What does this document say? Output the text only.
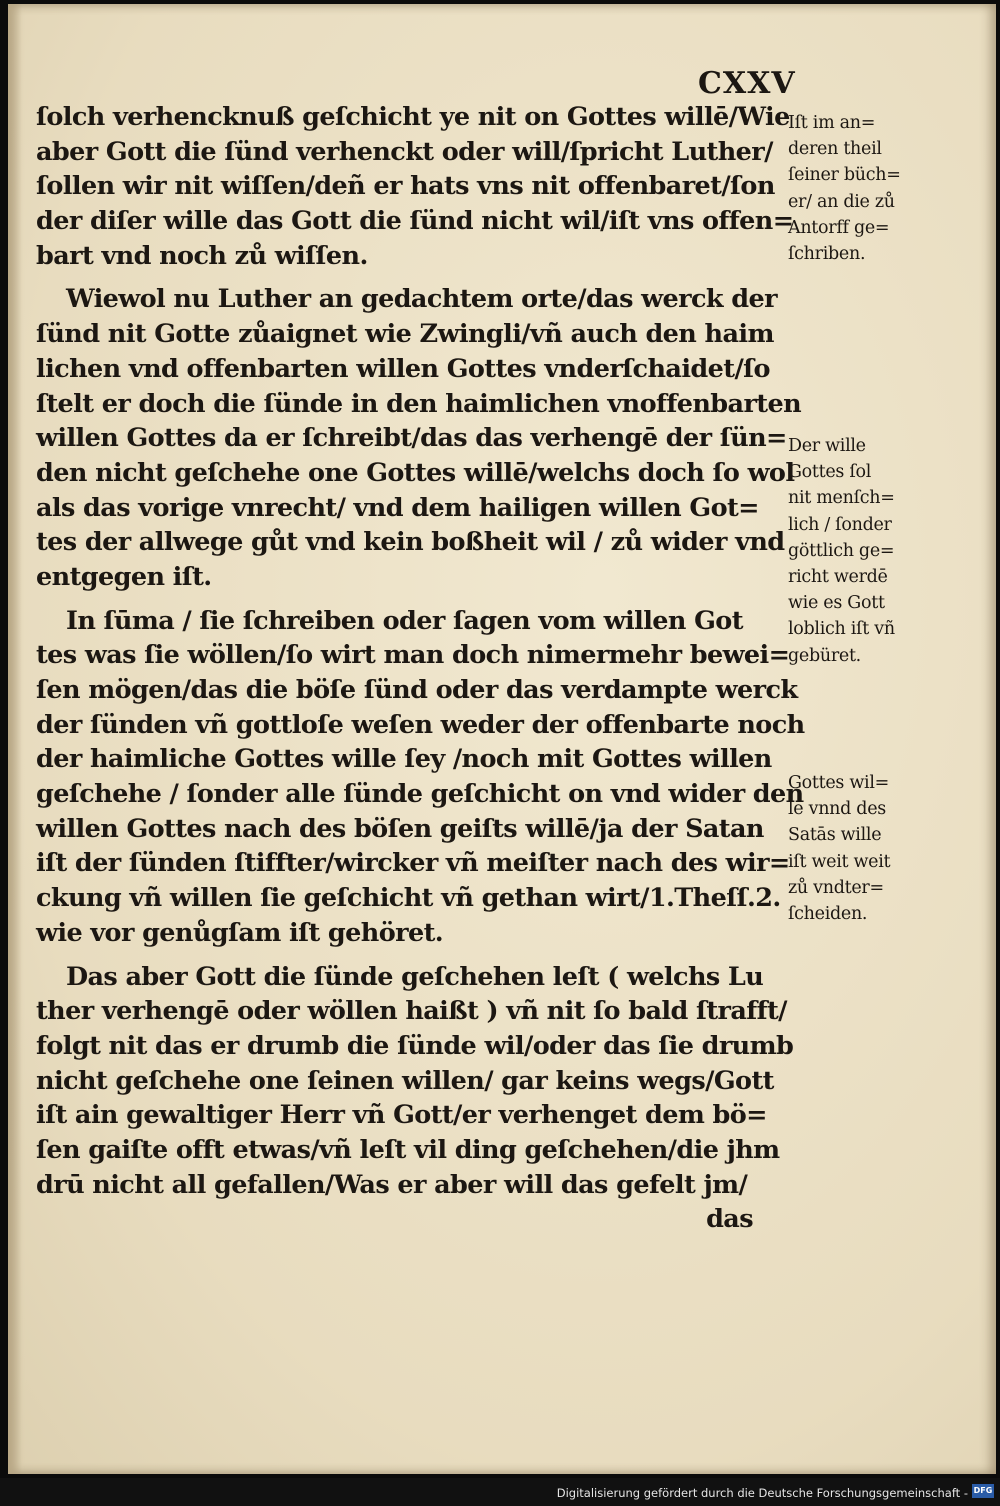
CXXV
ſolch verhencknuß geſchicht ye nit on Gottes willē/Wie
aber Gott die ſünd verhenckt oder will/ſpricht Luther/
ſollen wir nit wiſſen/deñ er hats vns nit offenbaret/ſon
der diſer wille das Gott die ſünd nicht wil/iſt vns offen=
bart vnd noch zů wiſſen.
Wiewol nu Luther an gedachtem orte/das werck der
ſünd nit Gotte zůaignet wie Zwingli/vñ auch den haim
lichen vnd offenbarten willen Gottes vnderſchaidet/ſo
ſtelt er doch die ſünde in den haimlichen vnoffenbarten
willen Gottes da er ſchreibt/das das verhengē der ſün=
den nicht geſchehe one Gottes willē/welchs doch ſo wol
als das vorige vnrecht/ vnd dem hailigen willen Got=
tes der allwege gůt vnd kein boßheit wil / zů wider vnd
entgegen iſt.
In ſūma / ſie ſchreiben oder ſagen vom willen Got
tes was ſie wöllen/ſo wirt man doch nimermehr bewei=
ſen mögen/das die böſe ſünd oder das verdampte werck
der ſünden vñ gottloſe weſen weder der offenbarte noch
der haimliche Gottes wille ſey /noch mit Gottes willen
geſchehe / ſonder alle ſünde geſchicht on vnd wider den
willen Gottes nach des böſen geiſts willē/ja der Satan
iſt der ſünden ſtiffter/wircker vñ meiſter nach des wir=
ckung vñ willen ſie geſchicht vñ gethan wirt/1.Theſſ.2.
wie vor genůgſam iſt gehöret.
Das aber Gott die ſünde geſchehen leſt ( welchs Lu
ther verhengē oder wöllen haißt ) vñ nit ſo bald ſtrafft/
folgt nit das er drumb die ſünde wil/oder das ſie drumb
nicht geſchehe one ſeinen willen/ gar keins wegs/Gott
iſt ain gewaltiger Herr vñ Gott/er verhenget dem bö=
ſen gaiſte offt etwas/vñ leſt vil ding geſchehen/die jhm
drū nicht all gefallen/Was er aber will das gefelt jm/
das
Iſt im an=
deren theil
ſeiner büch=
er/ an die zů
Antorff ge=
ſchriben.
Der wille
Gottes ſol
nit menſch=
lich / ſonder
göttlich ge=
richt werdē
wie es Gott
loblich iſt vñ
gebüret.
Gottes wil=
le vnnd des
Satās wille
iſt weit weit
zů vndter=
ſcheiden.
Digitalisierung gefördert durch die Deutsche Forschungsgemeinschaft - DFG
